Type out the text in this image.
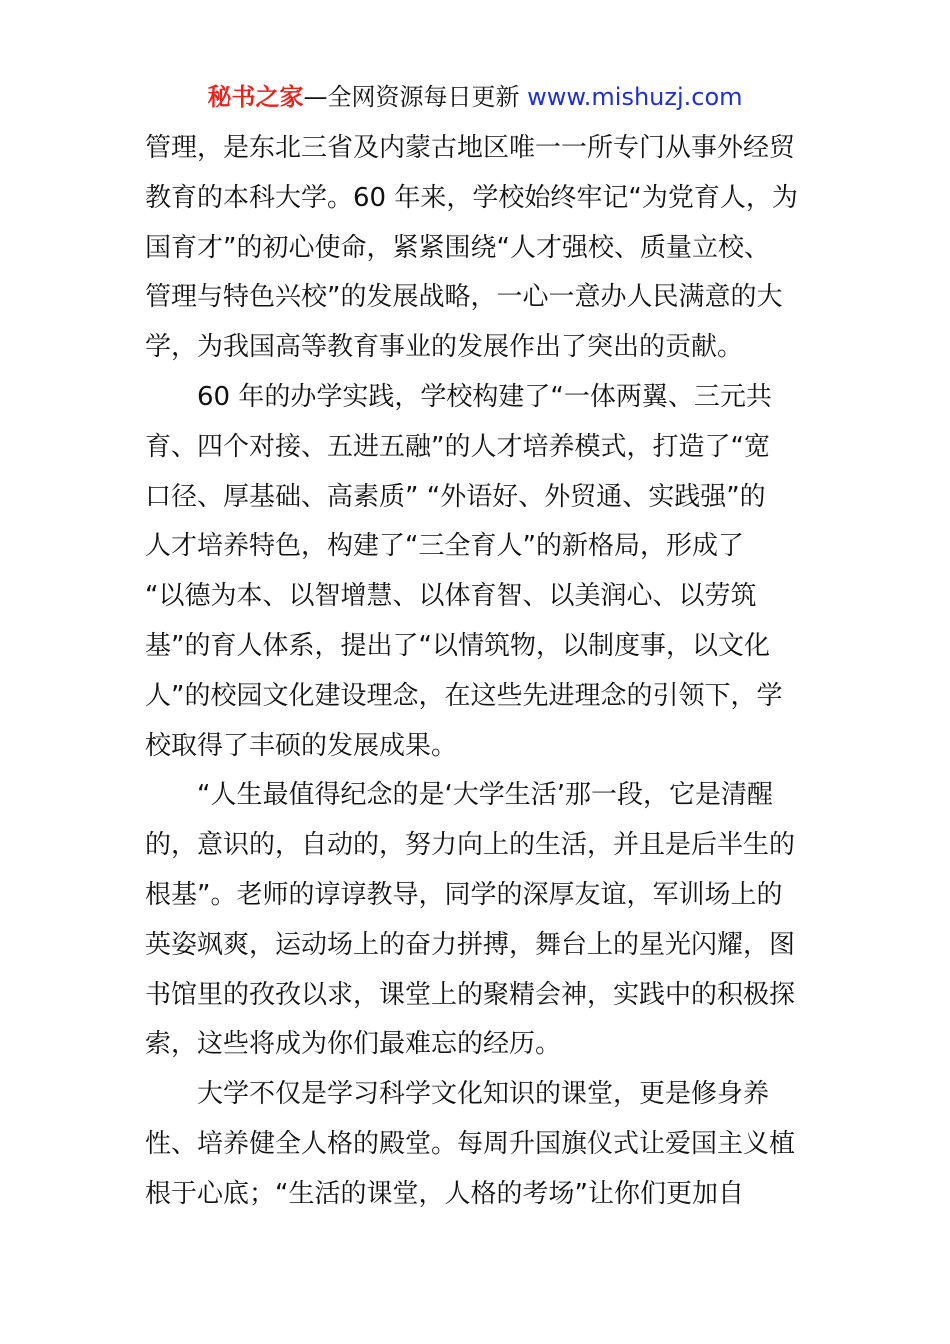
秘书之家—全网资源每日更新 www.mishuzj.com

管理，是东北三省及内蒙古地区唯一一所专门从事外经贸
教育的本科大学。60 年来，学校始终牢记“为党育人，为
国育才”的初心使命，紧紧围绕“人才强校、质量立校、
管理与特色兴校”的发展战略，一心一意办人民满意的大
学，为我国高等教育事业的发展作出了突出的贡献。

60 年的办学实践，学校构建了“一体两翼、三元共
育、四个对接、五进五融”的人才培养模式，打造了“宽
口径、厚基础、高素质” “外语好、外贸通、实践强”的
人才培养特色，构建了“三全育人”的新格局，形成了
“以德为本、以智增慧、以体育智、以美润心、以劳筑
基”的育人体系，提出了“以情筑物，以制度事，以文化
人”的校园文化建设理念，在这些先进理念的引领下，学
校取得了丰硕的发展成果。

“人生最值得纪念的是‘大学生活’那一段，它是清醒
的，意识的，自动的，努力向上的生活，并且是后半生的
根基”。老师的谆谆教导，同学的深厚友谊，军训场上的
英姿飒爽，运动场上的奋力拼搏，舞台上的星光闪耀，图
书馆里的孜孜以求，课堂上的聚精会神，实践中的积极探
索，这些将成为你们最难忘的经历。

大学不仅是学习科学文化知识的课堂，更是修身养
性、培养健全人格的殿堂。每周升国旗仪式让爱国主义植
根于心底；“生活的课堂，人格的考场”让你们更加自
